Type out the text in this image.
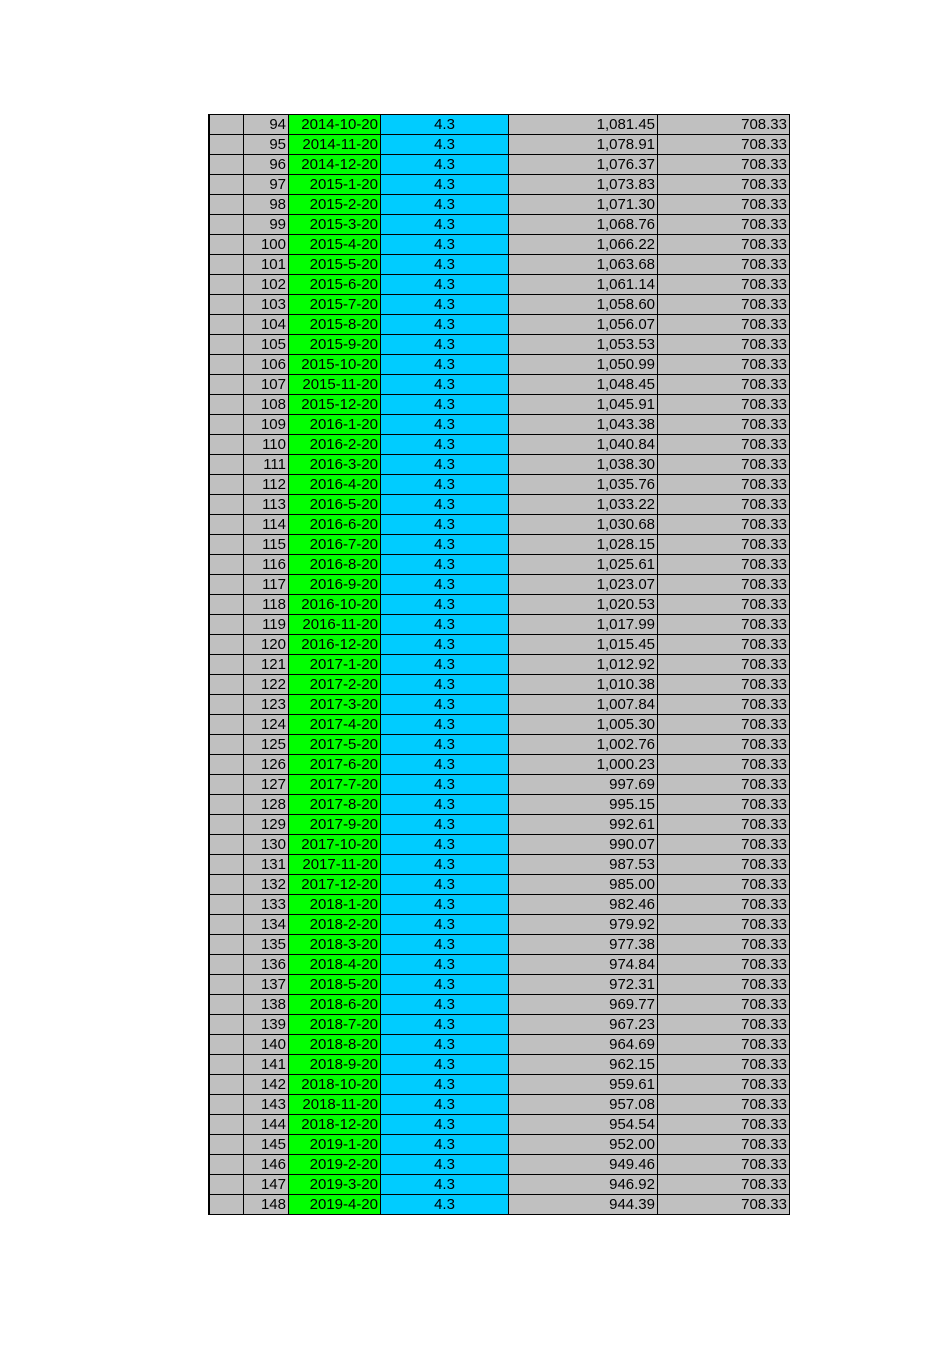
	94	2014-10-20	4.3	1,081.45	708.33
	95	2014-11-20	4.3	1,078.91	708.33
	96	2014-12-20	4.3	1,076.37	708.33
	97	2015-1-20	4.3	1,073.83	708.33
	98	2015-2-20	4.3	1,071.30	708.33
	99	2015-3-20	4.3	1,068.76	708.33
	100	2015-4-20	4.3	1,066.22	708.33
	101	2015-5-20	4.3	1,063.68	708.33
	102	2015-6-20	4.3	1,061.14	708.33
	103	2015-7-20	4.3	1,058.60	708.33
	104	2015-8-20	4.3	1,056.07	708.33
	105	2015-9-20	4.3	1,053.53	708.33
	106	2015-10-20	4.3	1,050.99	708.33
	107	2015-11-20	4.3	1,048.45	708.33
	108	2015-12-20	4.3	1,045.91	708.33
	109	2016-1-20	4.3	1,043.38	708.33
	110	2016-2-20	4.3	1,040.84	708.33
	111	2016-3-20	4.3	1,038.30	708.33
	112	2016-4-20	4.3	1,035.76	708.33
	113	2016-5-20	4.3	1,033.22	708.33
	114	2016-6-20	4.3	1,030.68	708.33
	115	2016-7-20	4.3	1,028.15	708.33
	116	2016-8-20	4.3	1,025.61	708.33
	117	2016-9-20	4.3	1,023.07	708.33
	118	2016-10-20	4.3	1,020.53	708.33
	119	2016-11-20	4.3	1,017.99	708.33
	120	2016-12-20	4.3	1,015.45	708.33
	121	2017-1-20	4.3	1,012.92	708.33
	122	2017-2-20	4.3	1,010.38	708.33
	123	2017-3-20	4.3	1,007.84	708.33
	124	2017-4-20	4.3	1,005.30	708.33
	125	2017-5-20	4.3	1,002.76	708.33
	126	2017-6-20	4.3	1,000.23	708.33
	127	2017-7-20	4.3	997.69	708.33
	128	2017-8-20	4.3	995.15	708.33
	129	2017-9-20	4.3	992.61	708.33
	130	2017-10-20	4.3	990.07	708.33
	131	2017-11-20	4.3	987.53	708.33
	132	2017-12-20	4.3	985.00	708.33
	133	2018-1-20	4.3	982.46	708.33
	134	2018-2-20	4.3	979.92	708.33
	135	2018-3-20	4.3	977.38	708.33
	136	2018-4-20	4.3	974.84	708.33
	137	2018-5-20	4.3	972.31	708.33
	138	2018-6-20	4.3	969.77	708.33
	139	2018-7-20	4.3	967.23	708.33
	140	2018-8-20	4.3	964.69	708.33
	141	2018-9-20	4.3	962.15	708.33
	142	2018-10-20	4.3	959.61	708.33
	143	2018-11-20	4.3	957.08	708.33
	144	2018-12-20	4.3	954.54	708.33
	145	2019-1-20	4.3	952.00	708.33
	146	2019-2-20	4.3	949.46	708.33
	147	2019-3-20	4.3	946.92	708.33
	148	2019-4-20	4.3	944.39	708.33
